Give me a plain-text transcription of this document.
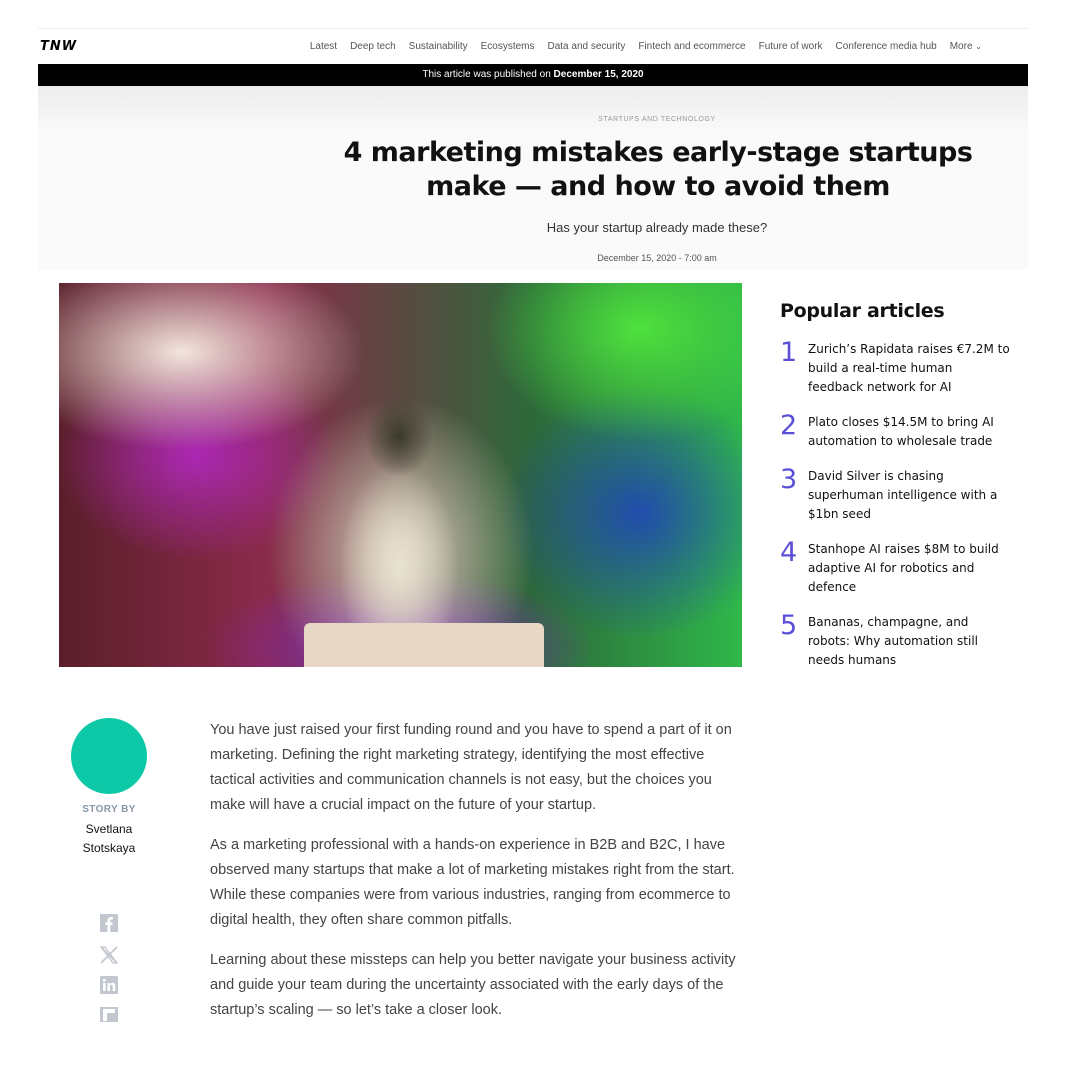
TNW	Latest Deep tech Sustainability Ecosystems Data and security Fintech and ecommerce Future of work Conference media hub More ⌄
This article was published on December 15, 2020
STARTUPS AND TECHNOLOGY
4 marketing mistakes early-stage startups make — and how to avoid them
Has your startup already made these?
December 15, 2020 - 7:00 am
Popular articles
1 Zurich’s Rapidata raises €7.2M to build a real-time human feedback network for AI
2 Plato closes $14.5M to bring AI automation to wholesale trade
3 David Silver is chasing superhuman intelligence with a $1bn seed
4 Stanhope AI raises $8M to build adaptive AI for robotics and defence
5 Bananas, champagne, and robots: Why automation still needs humans
STORY BY
Svetlana Stotskaya

You have just raised your first funding round and you have to spend a part of it on marketing. Defining the right marketing strategy, identifying the most effective tactical activities and communication channels is not easy, but the choices you make will have a crucial impact on the future of your startup.

As a marketing professional with a hands-on experience in B2B and B2C, I have observed many startups that make a lot of marketing mistakes right from the start. While these companies were from various industries, ranging from ecommerce to digital health, they often share common pitfalls.

Learning about these missteps can help you better navigate your business activity and guide your team during the uncertainty associated with the early days of the startup’s scaling — so let’s take a closer look.
